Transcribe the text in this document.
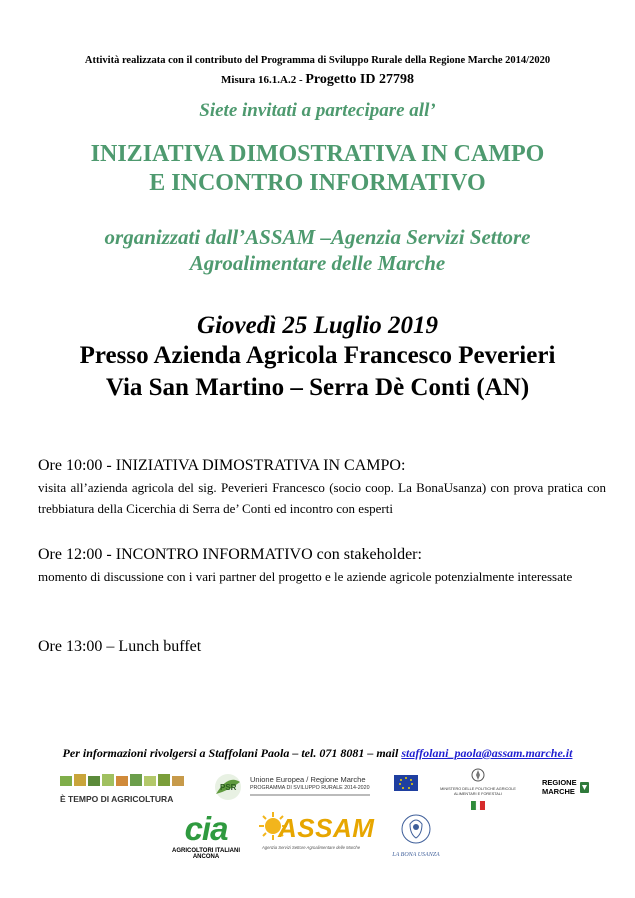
Attività realizzata con il contributo del Programma di Sviluppo Rurale della Regione Marche 2014/2020
Misura 16.1.A.2 - Progetto ID 27798
Siete invitati a partecipare all’
INIZIATIVA DIMOSTRATIVA IN CAMPO
E INCONTRO INFORMATIVO
organizzati dall’ASSAM –Agenzia Servizi Settore
Agroalimentare delle Marche
Giovedì 25 Luglio 2019
Presso Azienda Agricola Francesco Peverieri
Via San Martino – Serra Dè Conti (AN)
Ore 10:00 - INIZIATIVA DIMOSTRATIVA IN CAMPO:
visita all’azienda agricola del sig. Peverieri Francesco (socio coop. La BonaUsanza) con prova pratica con trebbiatura della Cicerchia di Serra de’ Conti ed incontro con esperti
Ore 12:00 - INCONTRO INFORMATIVO con stakeholder:
momento di discussione con i vari partner del progetto e le aziende agricole potenzialmente interessate
Ore 13:00 – Lunch buffet
Per informazioni rivolgersi a Staffolani Paola – tel. 071 8081 – mail staffolani_paola@assam.marche.it
È TEMPO DI AGRICOLTURA
PSR
Unione Europea / Regione Marche
PROGRAMMA DI SVILUPPO RURALE 2014-2020	MINISTERO DELLE POLITICHE AGRICOLE ALIMENTARI E FORESTALI
REGIONE
MARCHE
cia
AGRICOLTORI ITALIANI
ANCONA
ASSAM
Agenzia Servizi Settore Agroalimentare delle Marche
LA BONA USANZA
